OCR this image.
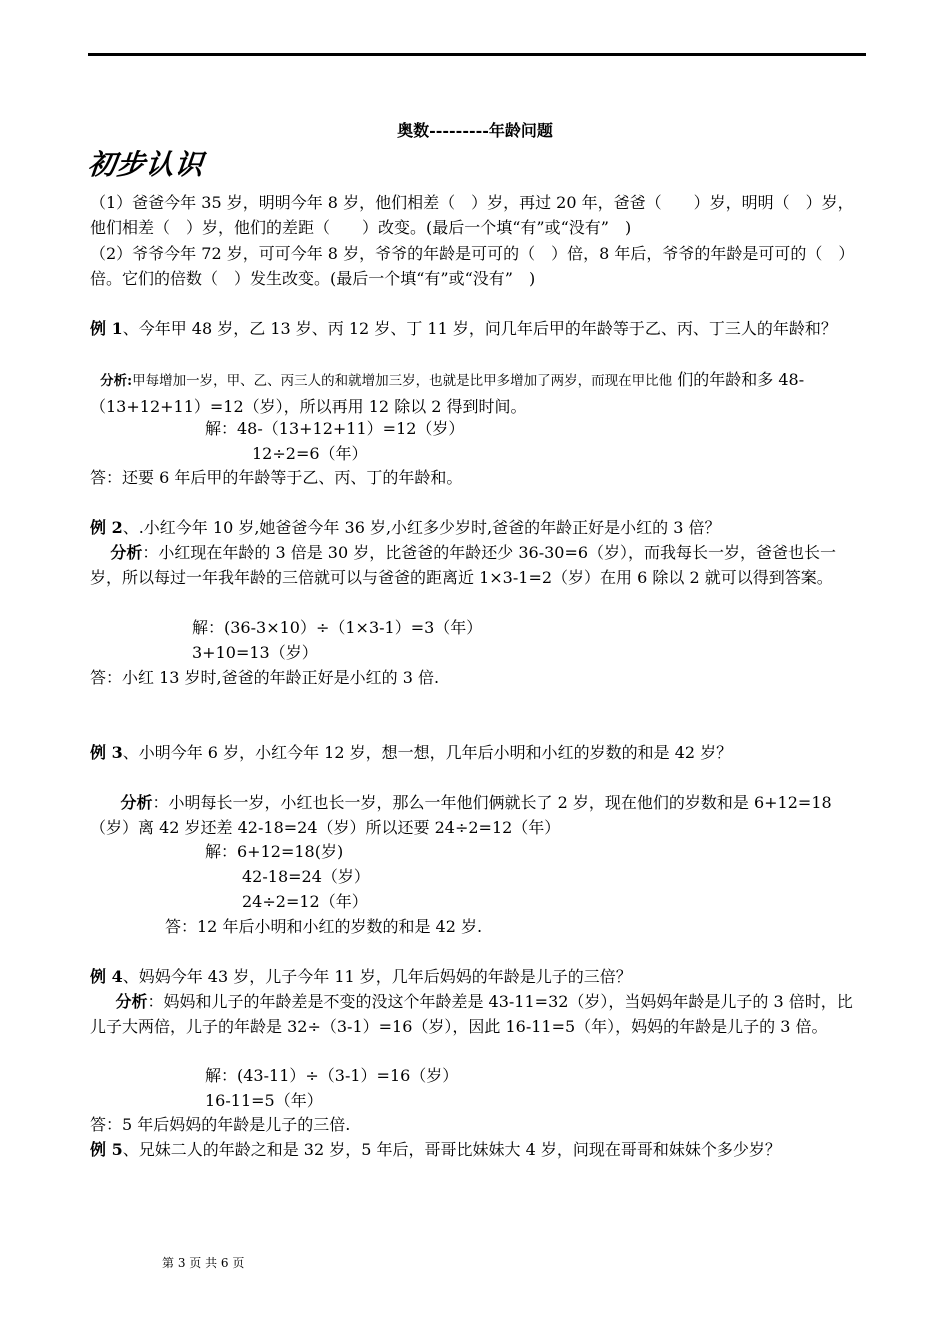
奥数---------年龄问题
初步认识

（1）爸爸今年 35 岁，明明今年 8 岁，他们相差（　）岁，再过 20 年，爸爸（　　）岁，明明（　）岁，他们相差（　）岁，他们的差距（　　）改变。(最后一个填“有”或“没有”　)

（2）爷爷今年 72 岁，可可今年 8 岁，爷爷的年龄是可可的（　）倍，8 年后，爷爷的年龄是可可的（　）倍。它们的倍数（　）发生改变。(最后一个填“有”或“没有”　)

例 1、今年甲 48 岁，乙 13 岁、丙 12 岁、丁 11 岁，问几年后甲的年龄等于乙、丙、丁三人的年龄和？

分析:甲每增加一岁，甲、乙、丙三人的和就增加三岁，也就是比甲多增加了两岁，而现在甲比他 们的年龄和多 48-（13+12+11）=12（岁），所以再用 12 除以 2 得到时间。

解：48-（13+12+11）=12（岁）
12÷2=6（年）

答：还要 6 年后甲的年龄等于乙、丙、丁的年龄和。

例 2、.小红今年 10 岁,她爸爸今年 36 岁,小红多少岁时,爸爸的年龄正好是小红的 3 倍？

分析：小红现在年龄的 3 倍是 30 岁，比爸爸的年龄还少 36-30=6（岁），而我每长一岁，爸爸也长一岁，所以每过一年我年龄的三倍就可以与爸爸的距离近 1×3-1=2（岁）在用 6 除以 2 就可以得到答案。

解：(36-3×10）÷（1×3-1）=3（年）
3+10=13（岁）

答：小红 13 岁时,爸爸的年龄正好是小红的 3 倍.

例 3、小明今年 6 岁，小红今年 12 岁，想一想，几年后小明和小红的岁数的和是 42 岁？

分析：小明每长一岁，小红也长一岁，那么一年他们俩就长了 2 岁，现在他们的岁数和是 6+12=18（岁）离 42 岁还差 42-18=24（岁）所以还要 24÷2=12（年）

解：6+12=18(岁)
42-18=24（岁）
24÷2=12（年）
答：12 年后小明和小红的岁数的和是 42 岁.

例 4、妈妈今年 43 岁，儿子今年 11 岁，几年后妈妈的年龄是儿子的三倍？

分析：妈妈和儿子的年龄差是不变的没这个年龄差是 43-11=32（岁），当妈妈年龄是儿子的 3 倍时，比儿子大两倍，儿子的年龄是 32÷（3-1）=16（岁），因此 16-11=5（年），妈妈的年龄是儿子的 3 倍。

解：(43-11）÷（3-1）=16（岁）
16-11=5（年）

答：5 年后妈妈的年龄是儿子的三倍.

例 5、兄妹二人的年龄之和是 32 岁，5 年后，哥哥比妹妹大 4 岁，问现在哥哥和妹妹个多少岁？

第 3 页 共 6 页
